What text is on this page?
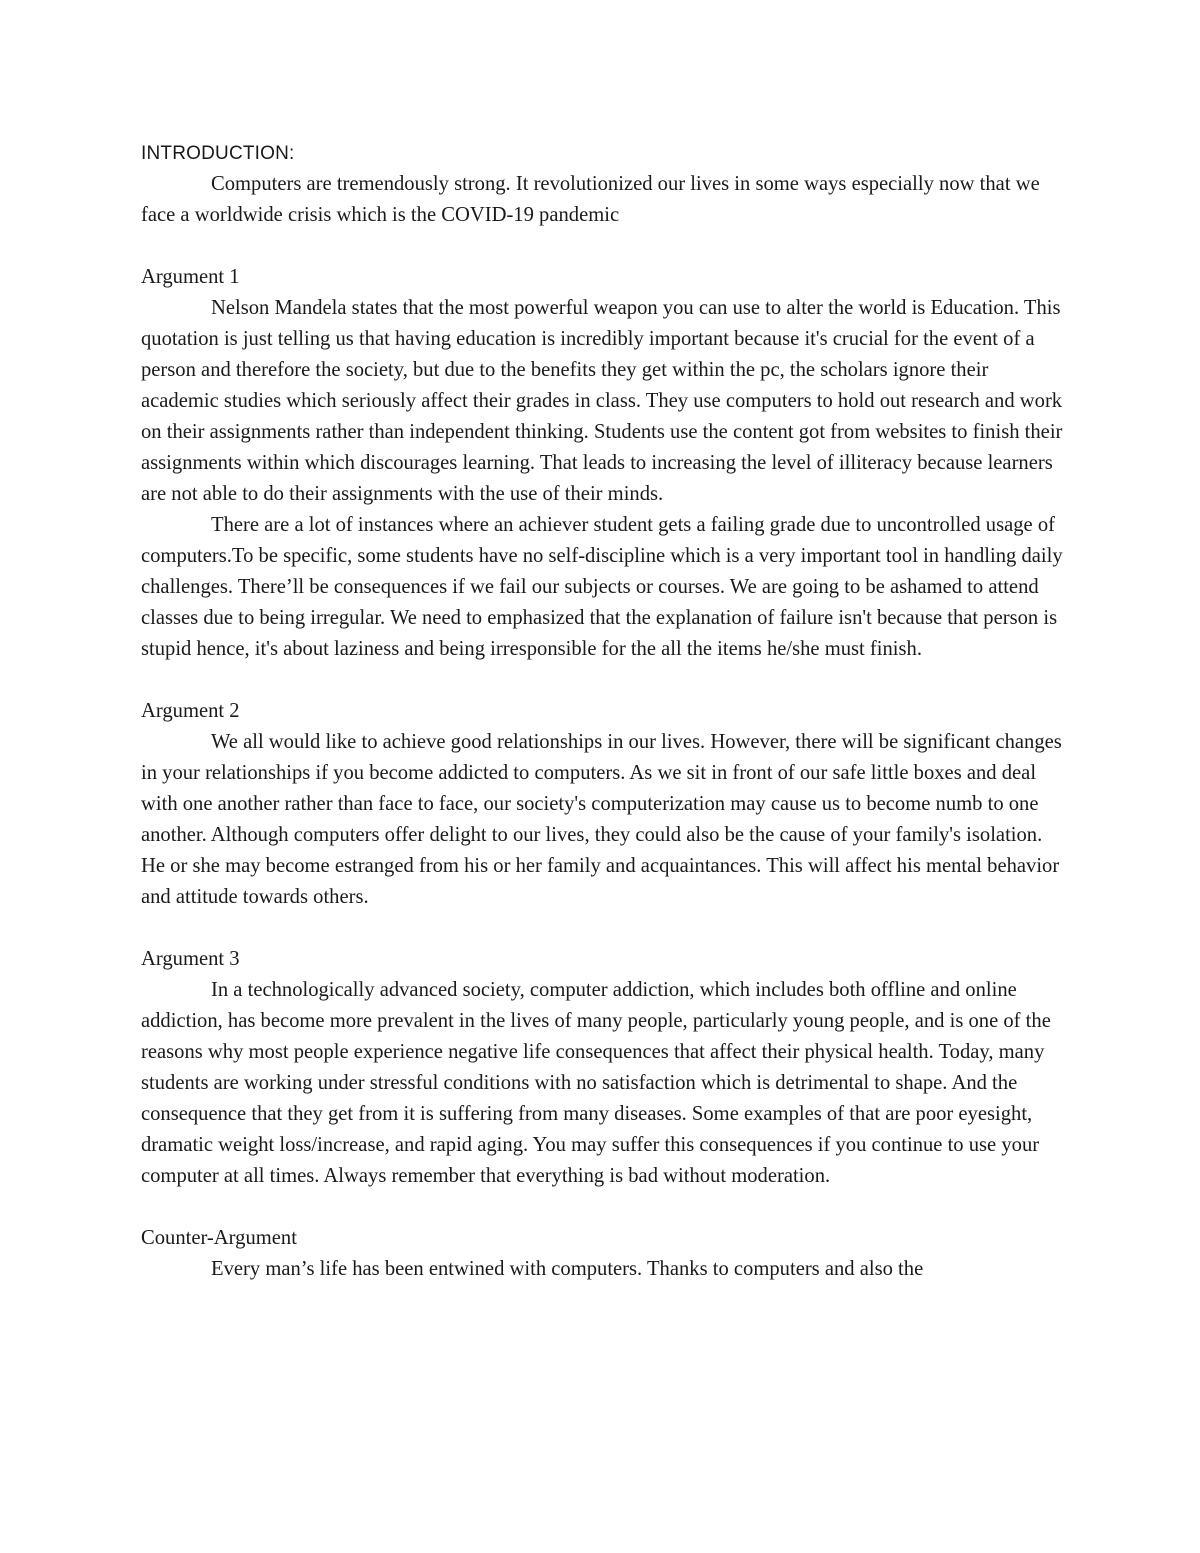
INTRODUCTION:

Computers are tremendously strong. It revolutionized our lives in some ways especially now that we face a worldwide crisis which is the COVID-19 pandemic

Argument 1

Nelson Mandela states that the most powerful weapon you can use to alter the world is Education. This quotation is just telling us that having education is incredibly important because it's crucial for the event of a person and therefore the society, but due to the benefits they get within the pc, the scholars ignore their academic studies which seriously affect their grades in class. They use computers to hold out research and work on their assignments rather than independent thinking. Students use the content got from websites to finish their assignments within which discourages learning. That leads to increasing the level of illiteracy because learners are not able to do their assignments with the use of their minds.

There are a lot of instances where an achiever student gets a failing grade due to uncontrolled usage of computers.To be specific, some students have no self-discipline which is a very important tool in handling daily challenges. There’ll be consequences if we fail our subjects or courses. We are going to be ashamed to attend classes due to being irregular. We need to emphasized that the explanation of failure isn't because that person is stupid hence, it's about laziness and being irresponsible for the all the items he/she must finish.

Argument 2

We all would like to achieve good relationships in our lives. However, there will be significant changes in your relationships if you become addicted to computers. As we sit in front of our safe little boxes and deal with one another rather than face to face, our society's computerization may cause us to become numb to one another. Although computers offer delight to our lives, they could also be the cause of your family's isolation. He or she may become estranged from his or her family and acquaintances. This will affect his mental behavior and attitude towards others.

Argument 3

In a technologically advanced society, computer addiction, which includes both offline and online addiction, has become more prevalent in the lives of many people, particularly young people, and is one of the reasons why most people experience negative life consequences that affect their physical health. Today, many students are working under stressful conditions with no satisfaction which is detrimental to shape. And the consequence that they get from it is suffering from many diseases. Some examples of that are poor eyesight, dramatic weight loss/increase, and rapid aging. You may suffer this consequences if you continue to use your computer at all times. Always remember that everything is bad without moderation.

Counter-Argument

Every man’s life has been entwined with computers. Thanks to computers and also the
